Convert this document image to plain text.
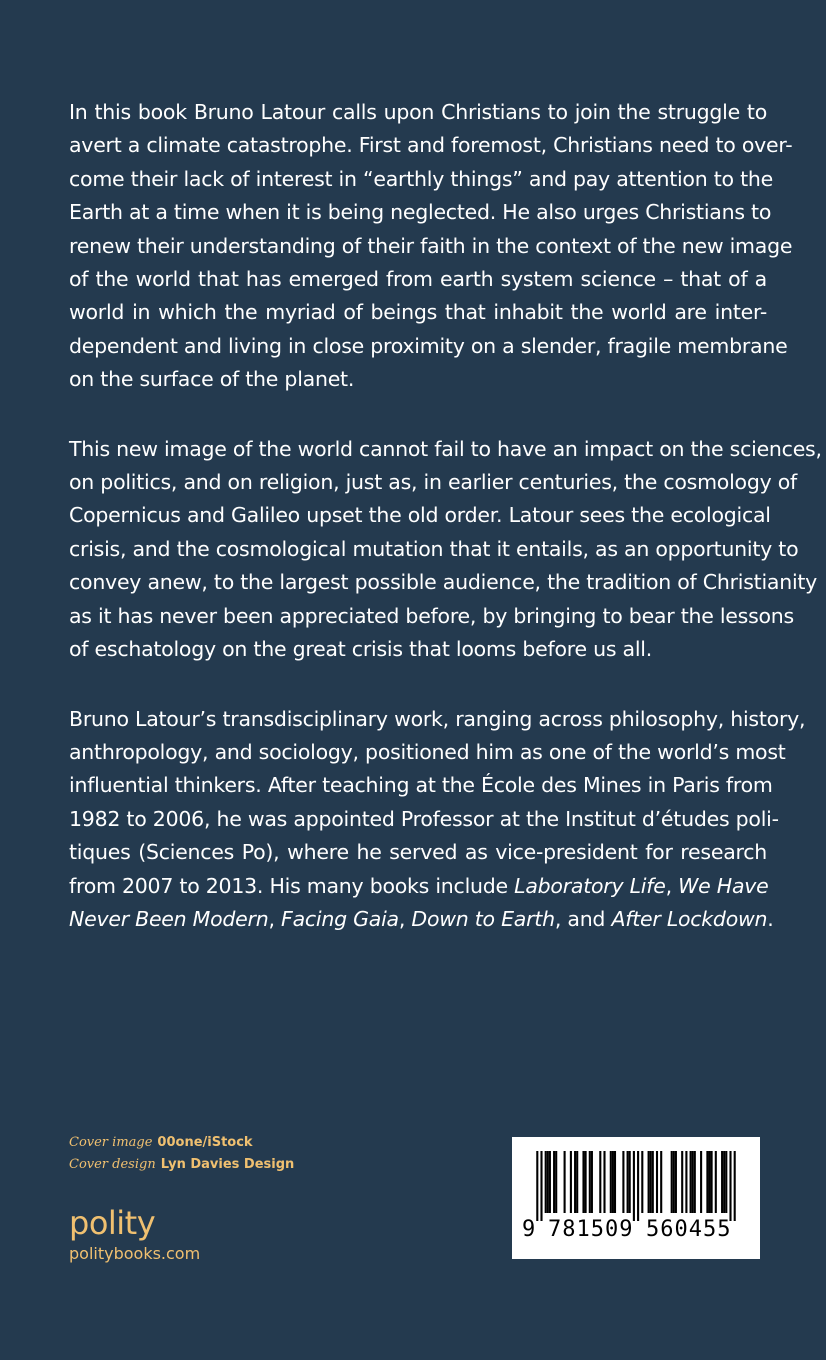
In this book Bruno Latour calls upon Christians to join the struggle to
avert a climate catastrophe. First and foremost, Christians need to over-
come their lack of interest in “earthly things” and pay attention to the
Earth at a time when it is being neglected. He also urges Christians to
renew their understanding of their faith in the context of the new image
of the world that has emerged from earth system science – that of a
world in which the myriad of beings that inhabit the world are inter-
dependent and living in close proximity on a slender, fragile membrane
on the surface of the planet.
This new image of the world cannot fail to have an impact on the sciences,
on politics, and on religion, just as, in earlier centuries, the cosmology of
Copernicus and Galileo upset the old order. Latour sees the ecological
crisis, and the cosmological mutation that it entails, as an opportunity to
convey anew, to the largest possible audience, the tradition of Christianity
as it has never been appreciated before, by bringing to bear the lessons
of eschatology on the great crisis that looms before us all.
Bruno Latour’s transdisciplinary work, ranging across philosophy, history,
anthropology, and sociology, positioned him as one of the world’s most
influential thinkers. After teaching at the École des Mines in Paris from
1982 to 2006, he was appointed Professor at the Institut d’études poli-
tiques (Sciences Po), where he served as vice-president for research
from 2007 to 2013. His many books include Laboratory Life, We Have
Never Been Modern, Facing Gaia, Down to Earth, and After Lockdown.
Cover image 00one/iStock
Cover design Lyn Davies Design
polity
politybooks.com
9 781509 560455
